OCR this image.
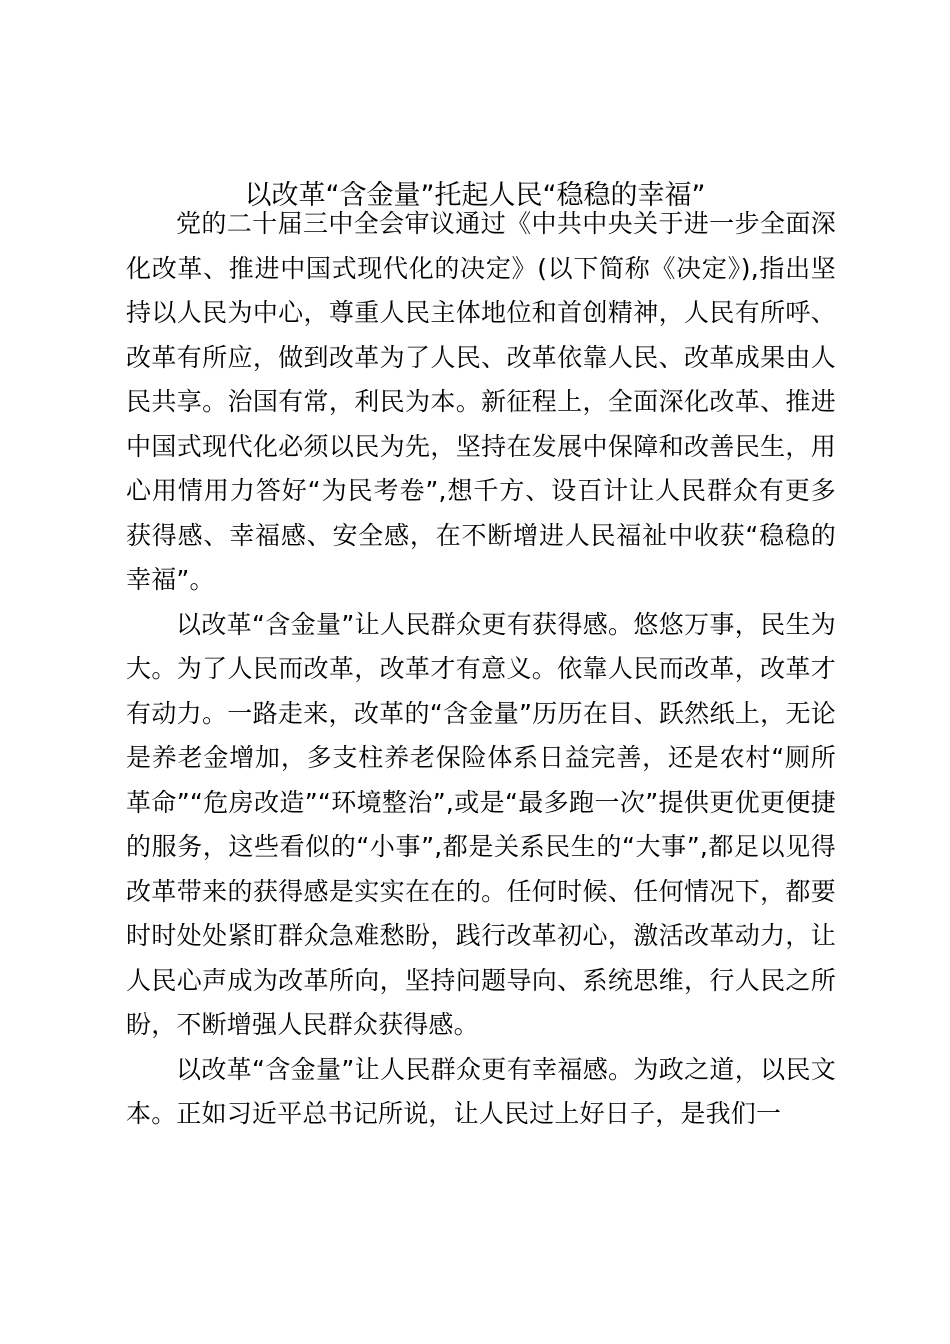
以改革“含金量”托起人民“稳稳的幸福”

党的二十届三中全会审议通过《中共中央关于进一步全面深化改革、推进中国式现代化的决定》(以下简称《决定》),指出坚持以人民为中心，尊重人民主体地位和首创精神，人民有所呼、改革有所应，做到改革为了人民、改革依靠人民、改革成果由人民共享。治国有常，利民为本。新征程上，全面深化改革、推进中国式现代化必须以民为先，坚持在发展中保障和改善民生，用心用情用力答好“为民考卷”,想千方、设百计让人民群众有更多获得感、幸福感、安全感，在不断增进人民福祉中收获“稳稳的幸福”。

以改革“含金量”让人民群众更有获得感。悠悠万事，民生为大。为了人民而改革，改革才有意义。依靠人民而改革，改革才有动力。一路走来，改革的“含金量”历历在目、跃然纸上，无论是养老金增加，多支柱养老保险体系日益完善，还是农村“厕所革命”“危房改造”“环境整治”,或是“最多跑一次”提供更优更便捷的服务，这些看似的“小事”,都是关系民生的“大事”,都足以见得改革带来的获得感是实实在在的。任何时候、任何情况下，都要时时处处紧盯群众急难愁盼，践行改革初心，激活改革动力，让人民心声成为改革所向，坚持问题导向、系统思维，行人民之所盼，不断增强人民群众获得感。

以改革“含金量”让人民群众更有幸福感。为政之道，以民文本。正如习近平总书记所说，让人民过上好日子，是我们一
